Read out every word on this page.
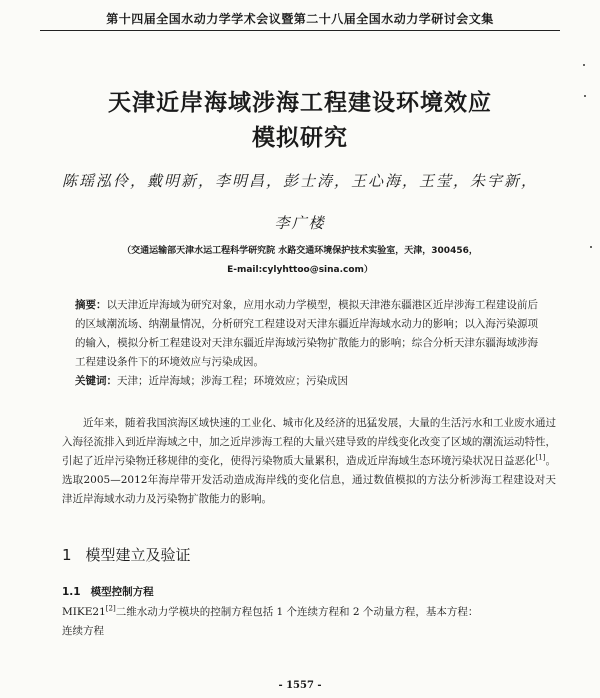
第十四届全国水动力学学术会议暨第二十八届全国水动力学研讨会文集
天津近岸海域涉海工程建设环境效应
模拟研究
陈瑶泓伶，戴明新，李明昌，彭士涛，王心海，王莹，朱宇新，
李广楼
（交通运输部天津水运工程科学研究院 水路交通环境保护技术实验室，天津，300456，
E-mail:cylyhttoo@sina.com）
摘要：以天津近岸海域为研究对象，应用水动力学模型，模拟天津港东疆港区近岸涉海工程建设前后的区域潮流场、纳潮量情况，分析研究工程建设对天津东疆近岸海域水动力的影响；以入海污染源项的输入，模拟分析工程建设对天津东疆近岸海域污染物扩散能力的影响；综合分析天津东疆海域涉海工程建设条件下的环境效应与污染成因。
关键词：天津；近岸海域；涉海工程；环境效应；污染成因
近年来，随着我国滨海区域快速的工业化、城市化及经济的迅猛发展，大量的生活污水和工业废水通过入海径流排入到近岸海域之中，加之近岸涉海工程的大量兴建导致的岸线变化改变了区域的潮流运动特性，引起了近岸污染物迁移规律的变化，使得污染物质大量累积，造成近岸海域生态环境污染状况日益恶化[1]。选取2005—2012年海岸带开发活动造成海岸线的变化信息，通过数值模拟的方法分析涉海工程建设对天津近岸海域水动力及污染物扩散能力的影响。
1 模型建立及验证
1.1 模型控制方程
MIKE21[2]二维水动力学模块的控制方程包括 1 个连续方程和 2 个动量方程，基本方程：
连续方程
- 1557 -
